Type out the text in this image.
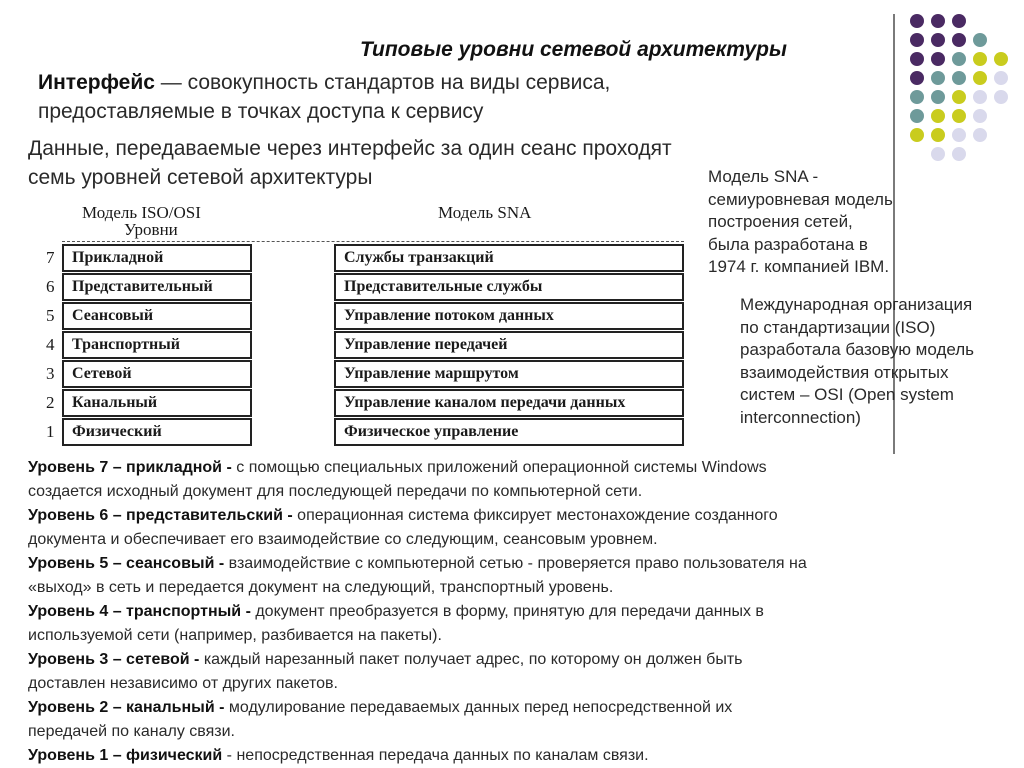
Типовые уровни сетевой архитектуры
Интерфейс — совокупность стандартов на виды сервиса,
предоставляемые в точках доступа к сервису
Данные, передаваемые через интерфейс за один сеанс проходят
семь уровней сетевой архитектуры
Модель ISO/OSI
Уровни
Модель SNA
7	Прикладной	Службы транзакций
6	Представительный	Представительные службы
5	Сеансовый	Управление потоком данных
4	Транспортный	Управление передачей
3	Сетевой	Управление маршрутом
2	Канальный	Управление каналом передачи данных
1	Физический	Физическое управление
Модель SNA -
семиуровневая модель
построения сетей,
была разработана в
1974 г. компанией IBM.
Международная организация
по стандартизации (ISO)
разработала базовую модель
взаимодействия открытых
систем – OSI (Open system
interconnection)
Уровень 7 – прикладной - с помощью специальных приложений операционной системы Windows
создается исходный документ для последующей передачи по компьютерной сети.
Уровень 6 – представительский - операционная система фиксирует местонахождение созданного
документа и обеспечивает его взаимодействие со следующим, сеансовым уровнем.
Уровень 5 – сеансовый - взаимодействие с компьютерной сетью - проверяется право пользователя на
«выход» в сеть и передается документ на следующий, транспортный уровень.
Уровень 4 – транспортный - документ преобразуется в форму, принятую для передачи данных в
используемой сети (например, разбивается на пакеты).
Уровень 3 – сетевой - каждый нарезанный пакет получает адрес, по которому он должен быть
доставлен независимо от других пакетов.
Уровень 2 – канальный - модулирование передаваемых данных перед непосредственной их
передачей по каналу связи.
Уровень 1 – физический - непосредственная передача данных по каналам связи.
